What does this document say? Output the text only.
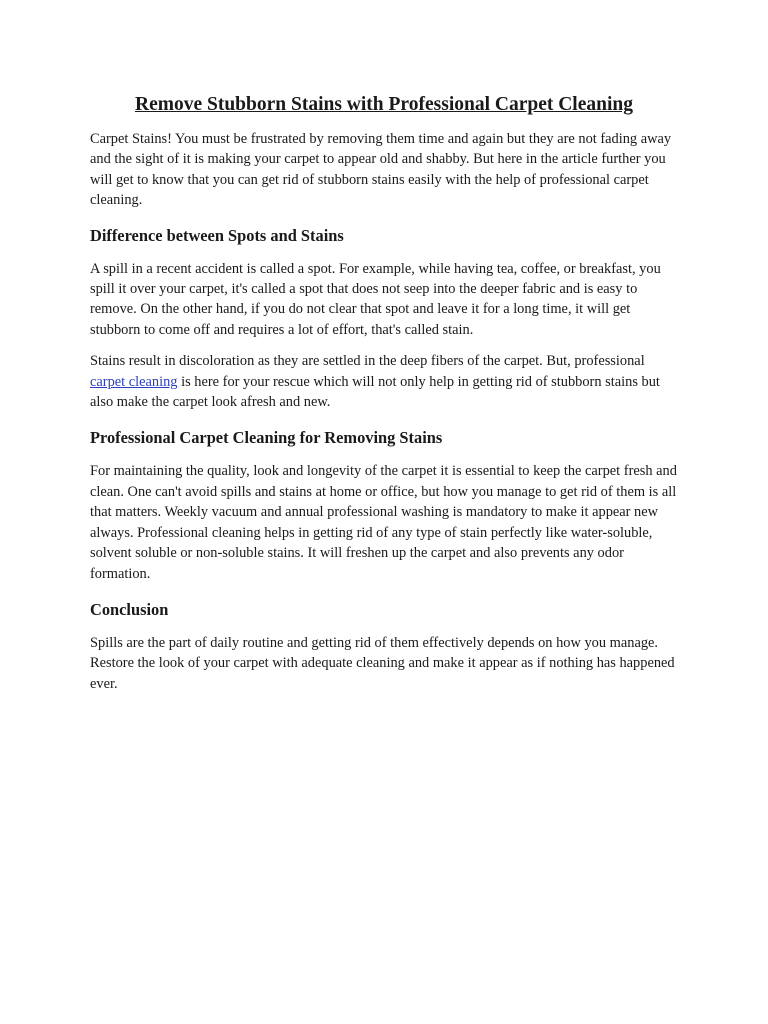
Remove Stubborn Stains with Professional Carpet Cleaning

Carpet Stains! You must be frustrated by removing them time and again but they are not fading away and the sight of it is making your carpet to appear old and shabby. But here in the article further you will get to know that you can get rid of stubborn stains easily with the help of professional carpet cleaning.

Difference between Spots and Stains

A spill in a recent accident is called a spot. For example, while having tea, coffee, or breakfast, you spill it over your carpet, it's called a spot that does not seep into the deeper fabric and is easy to remove. On the other hand, if you do not clear that spot and leave it for a long time, it will get stubborn to come off and requires a lot of effort, that's called stain.

Stains result in discoloration as they are settled in the deep fibers of the carpet. But, professional carpet cleaning is here for your rescue which will not only help in getting rid of stubborn stains but also make the carpet look afresh and new.

Professional Carpet Cleaning for Removing Stains

For maintaining the quality, look and longevity of the carpet it is essential to keep the carpet fresh and clean. One can't avoid spills and stains at home or office, but how you manage to get rid of them is all that matters. Weekly vacuum and annual professional washing is mandatory to make it appear new always. Professional cleaning helps in getting rid of any type of stain perfectly like water-soluble, solvent soluble or non-soluble stains. It will freshen up the carpet and also prevents any odor formation.

Conclusion

Spills are the part of daily routine and getting rid of them effectively depends on how you manage. Restore the look of your carpet with adequate cleaning and make it appear as if nothing has happened ever.
